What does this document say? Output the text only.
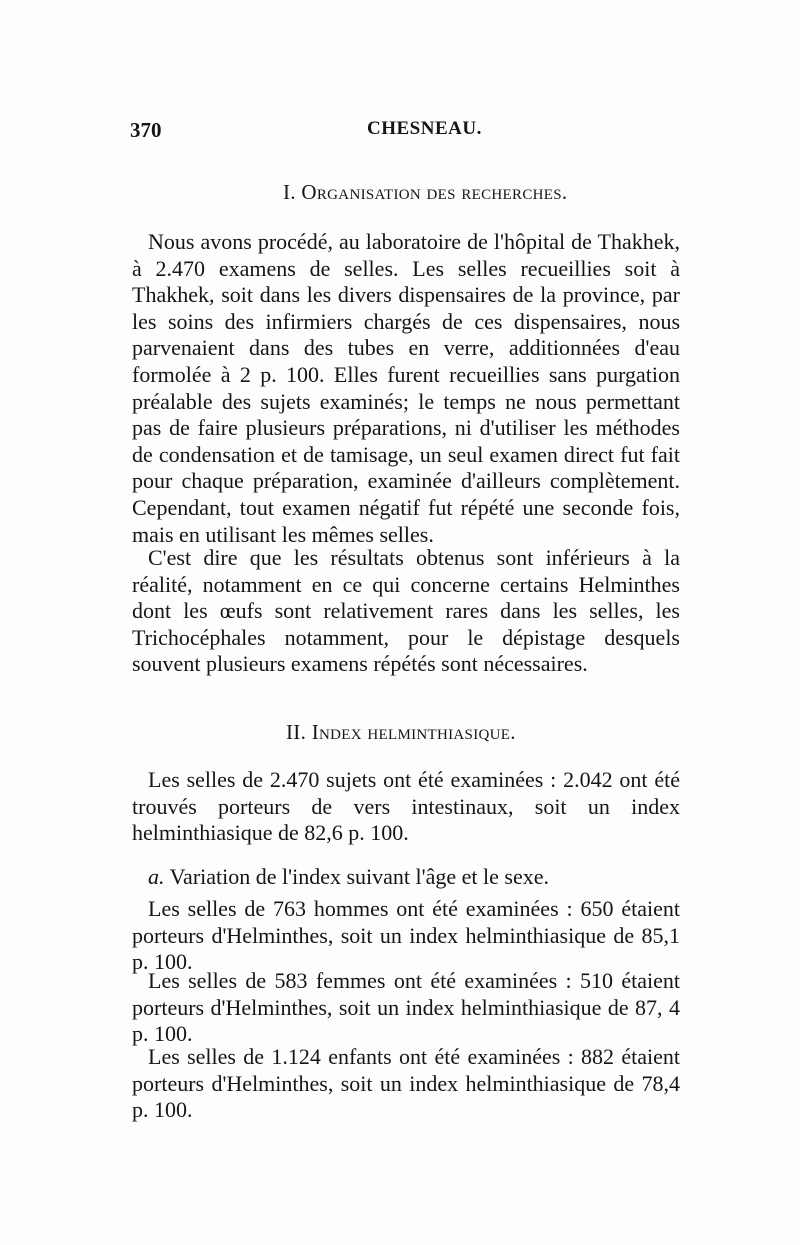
370	CHESNEAU.
I. Organisation des recherches.

Nous avons procédé, au laboratoire de l'hôpital de Thakhek, à 2.470 examens de selles. Les selles recueillies soit à Thakhek, soit dans les divers dispensaires de la province, par les soins des infirmiers chargés de ces dispensaires, nous parvenaient dans des tubes en verre, additionnées d'eau formolée à 2 p. 100. Elles furent recueillies sans purgation préalable des sujets examinés; le temps ne nous permettant pas de faire plusieurs préparations, ni d'utiliser les méthodes de condensation et de tamisage, un seul examen direct fut fait pour chaque préparation, examinée d'ailleurs complètement. Cependant, tout examen négatif fut répété une seconde fois, mais en utilisant les mêmes selles.

C'est dire que les résultats obtenus sont inférieurs à la réalité, notamment en ce qui concerne certains Helminthes dont les œufs sont relativement rares dans les selles, les Trichocéphales notamment, pour le dépistage desquels souvent plusieurs examens répétés sont nécessaires.

II. Index helminthiasique.

Les selles de 2.470 sujets ont été examinées : 2.042 ont été trouvés porteurs de vers intestinaux, soit un index helminthiasique de 82,6 p. 100.

a. Variation de l'index suivant l'âge et le sexe.

Les selles de 763 hommes ont été examinées : 650 étaient porteurs d'Helminthes, soit un index helminthiasique de 85,1 p. 100.

Les selles de 583 femmes ont été examinées : 510 étaient porteurs d'Helminthes, soit un index helminthiasique de 87, 4 p. 100.

Les selles de 1.124 enfants ont été examinées : 882 étaient porteurs d'Helminthes, soit un index helminthiasique de 78,4 p. 100.
